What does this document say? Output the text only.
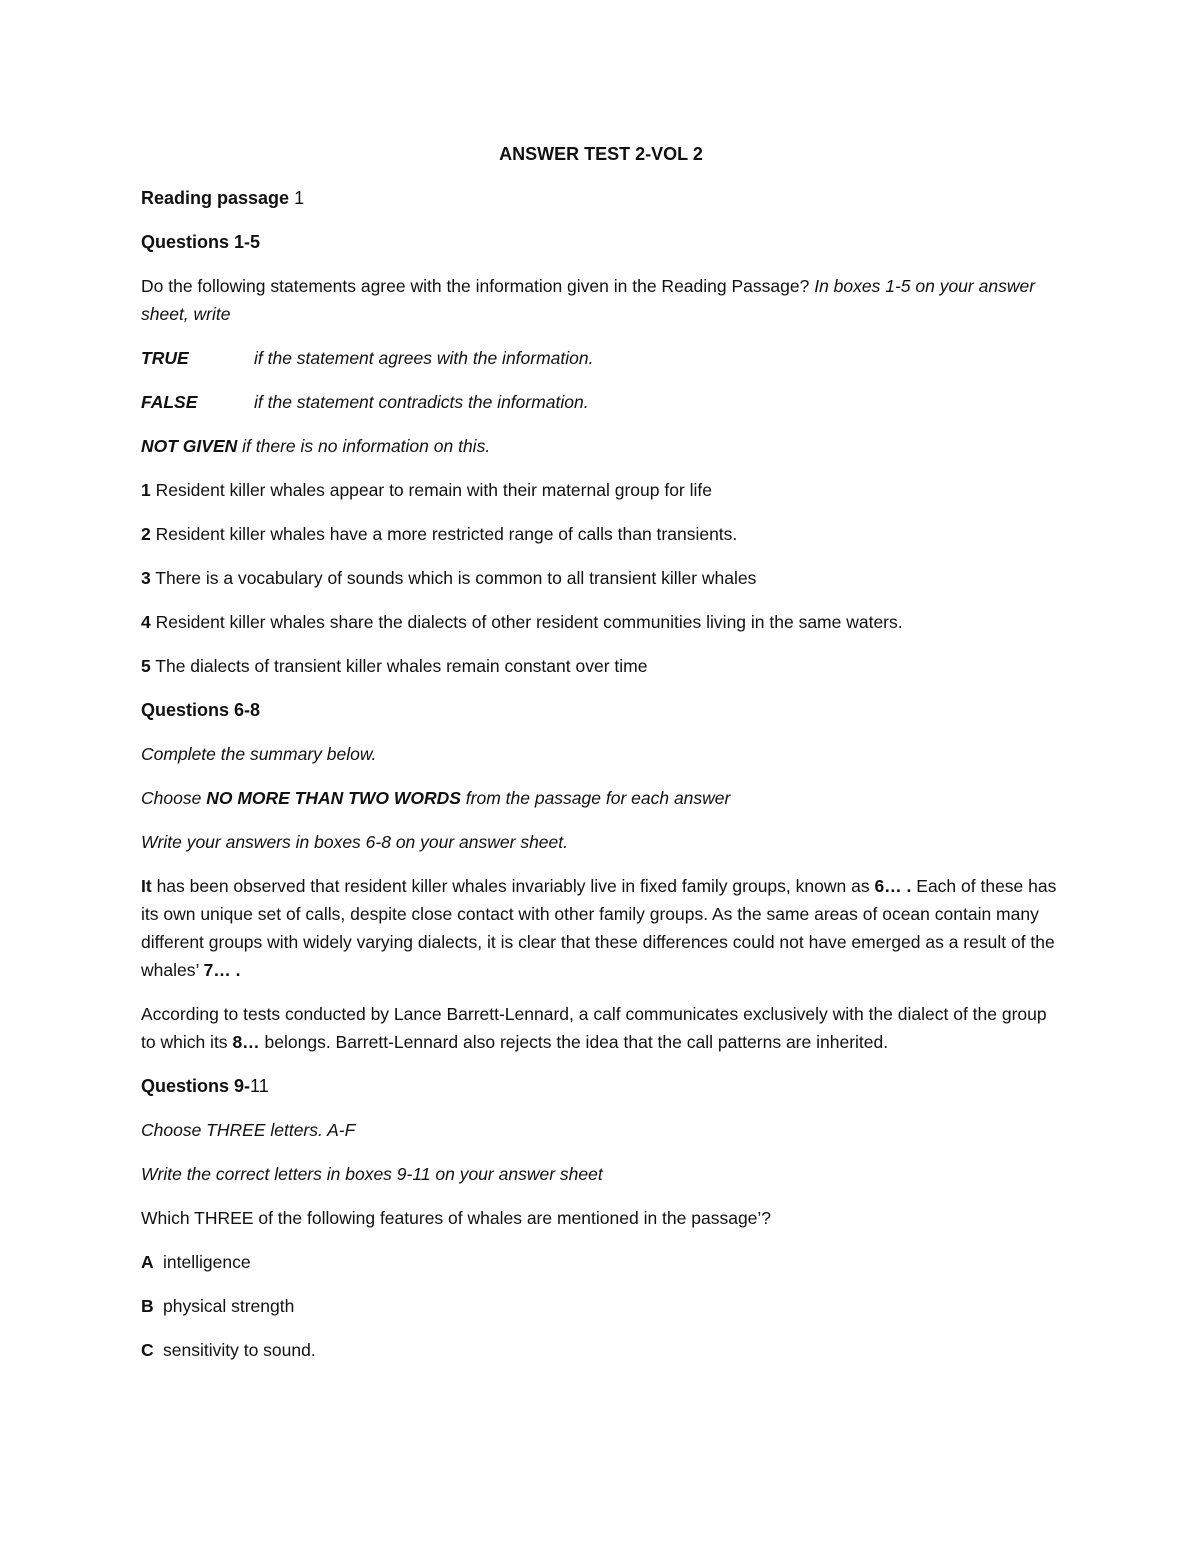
ANSWER TEST 2-VOL 2

Reading passage 1

Questions 1-5

Do the following statements agree with the information given in the Reading Passage? In boxes 1-5 on your answer sheet, write

TRUE	if the statement agrees with the information.

FALSE	if the statement contradicts the information.

NOT GIVEN if there is no information on this.

1 Resident killer whales appear to remain with their maternal group for life

2 Resident killer whales have a more restricted range of calls than transients.

3 There is a vocabulary of sounds which is common to all transient killer whales

4 Resident killer whales share the dialects of other resident communities living in the same waters.

5 The dialects of transient killer whales remain constant over time

Questions 6-8

Complete the summary below.

Choose NO MORE THAN TWO WORDS from the passage for each answer

Write your answers in boxes 6-8 on your answer sheet.

It has been observed that resident killer whales invariably live in fixed family groups, known as 6… . Each of these has its own unique set of calls, despite close contact with other family groups. As the same areas of ocean contain many different groups with widely varying dialects, it is clear that these differences could not have emerged as a result of the whales’ 7… .

According to tests conducted by Lance Barrett-Lennard, a calf communicates exclusively with the dialect of the group to which its 8… belongs. Barrett-Lennard also rejects the idea that the call patterns are inherited.

Questions 9-11

Choose THREE letters. A-F

Write the correct letters in boxes 9-11 on your answer sheet

Which THREE of the following features of whales are mentioned in the passage’?

A intelligence

B physical strength

C sensitivity to sound.
